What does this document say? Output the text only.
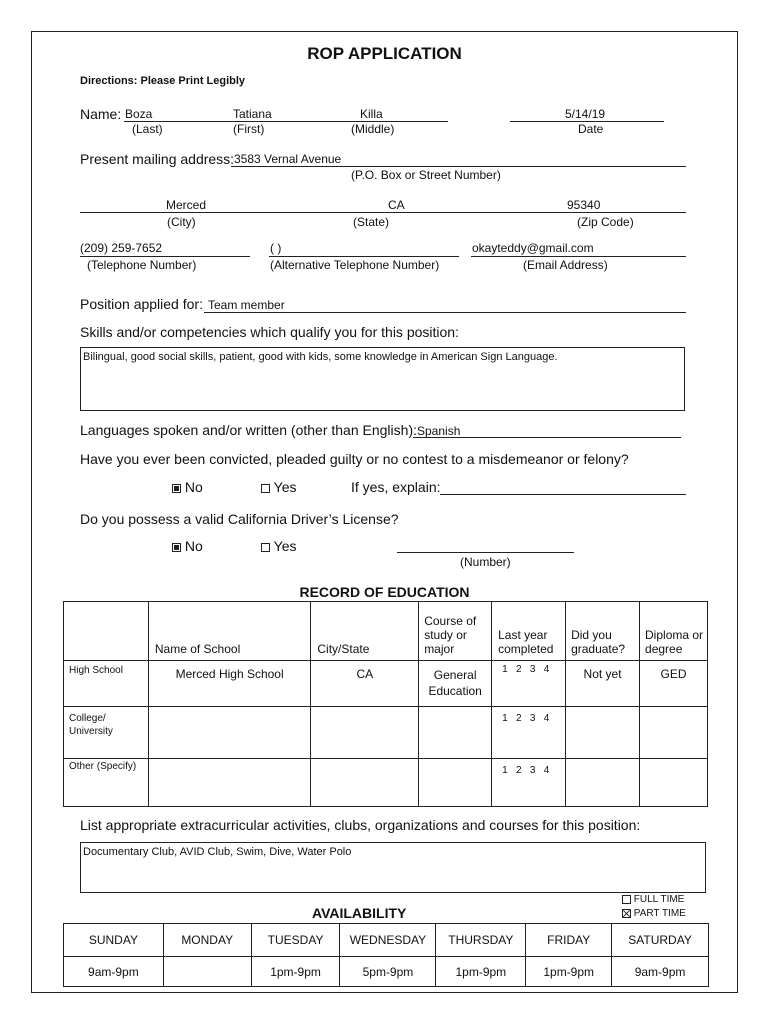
ROP APPLICATION
Directions: Please Print Legibly
Name: Boza	Tatiana	Killa	5/14/19
(Last)	(First)	(Middle)	Date
Present mailing address: 3583 Vernal Avenue
(P.O. Box or Street Number)
Merced	CA	95340
(City)	(State)	(Zip Code)
(209) 259-7652	( )	okayteddy@gmail.com
(Telephone Number)	(Alternative Telephone Number)	(Email Address)
Position applied for: Team member
Skills and/or competencies which qualify you for this position:
Bilingual, good social skills, patient, good with kids, some knowledge in American Sign Language.
Languages spoken and/or written (other than English): Spanish
Have you ever been convicted, pleaded guilty or no contest to a misdemeanor or felony?
No	Yes	If yes, explain:
Do you possess a valid California Driver’s License?
No	Yes
(Number)
RECORD OF EDUCATION
	Name of School	City/State	Course of study or major	Last year completed	Did you graduate?	Diploma or degree
High School	Merced High School	CA	General Education	1   2   3   4	Not yet	GED
College/ University				1   2   3   4		
Other (Specify)				1   2   3   4		
List appropriate extracurricular activities, clubs, organizations and courses for this position:
Documentary Club, AVID Club, Swim, Dive, Water Polo
AVAILABILITY
FULL TIME
PART TIME
SUNDAY	MONDAY	TUESDAY	WEDNESDAY	THURSDAY	FRIDAY	SATURDAY
9am-9pm		1pm-9pm	5pm-9pm	1pm-9pm	1pm-9pm	9am-9pm
